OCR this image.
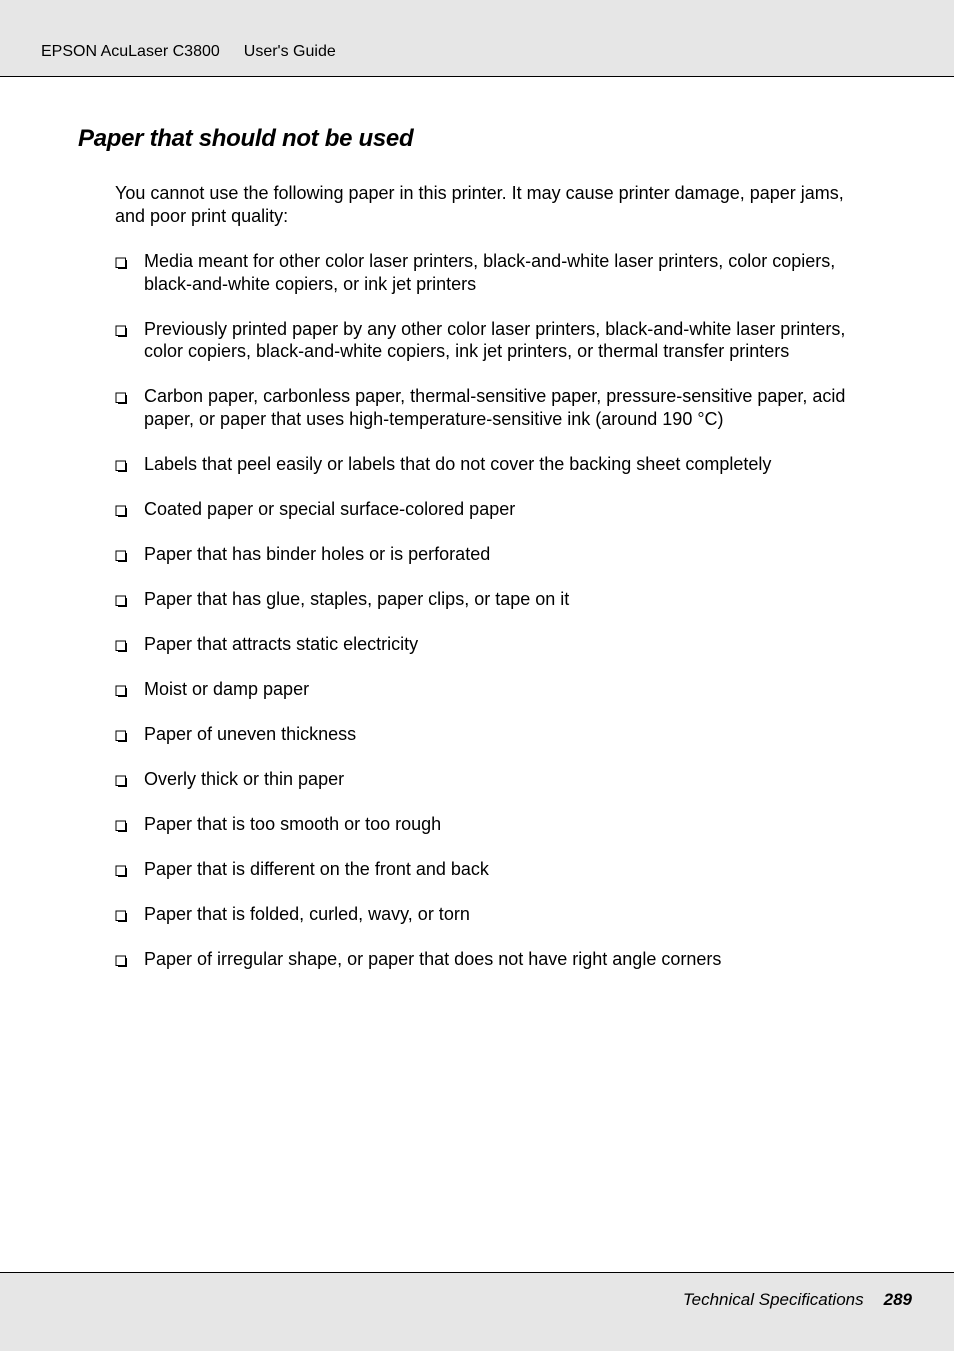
EPSON AcuLaser C3800 User's Guide
Paper that should not be used

You cannot use the following paper in this printer. It may cause printer damage, paper jams, and poor print quality:

Media meant for other color laser printers, black-and-white laser printers, color copiers, black-and-white copiers, or ink jet printers
Previously printed paper by any other color laser printers, black-and-white laser printers, color copiers, black-and-white copiers, ink jet printers, or thermal transfer printers
Carbon paper, carbonless paper, thermal-sensitive paper, pressure-sensitive paper, acid paper, or paper that uses high-temperature-sensitive ink (around 190 °C)
Labels that peel easily or labels that do not cover the backing sheet completely
Coated paper or special surface-colored paper
Paper that has binder holes or is perforated
Paper that has glue, staples, paper clips, or tape on it
Paper that attracts static electricity
Moist or damp paper
Paper of uneven thickness
Overly thick or thin paper
Paper that is too smooth or too rough
Paper that is different on the front and back
Paper that is folded, curled, wavy, or torn
Paper of irregular shape, or paper that does not have right angle corners
Technical Specifications 289
